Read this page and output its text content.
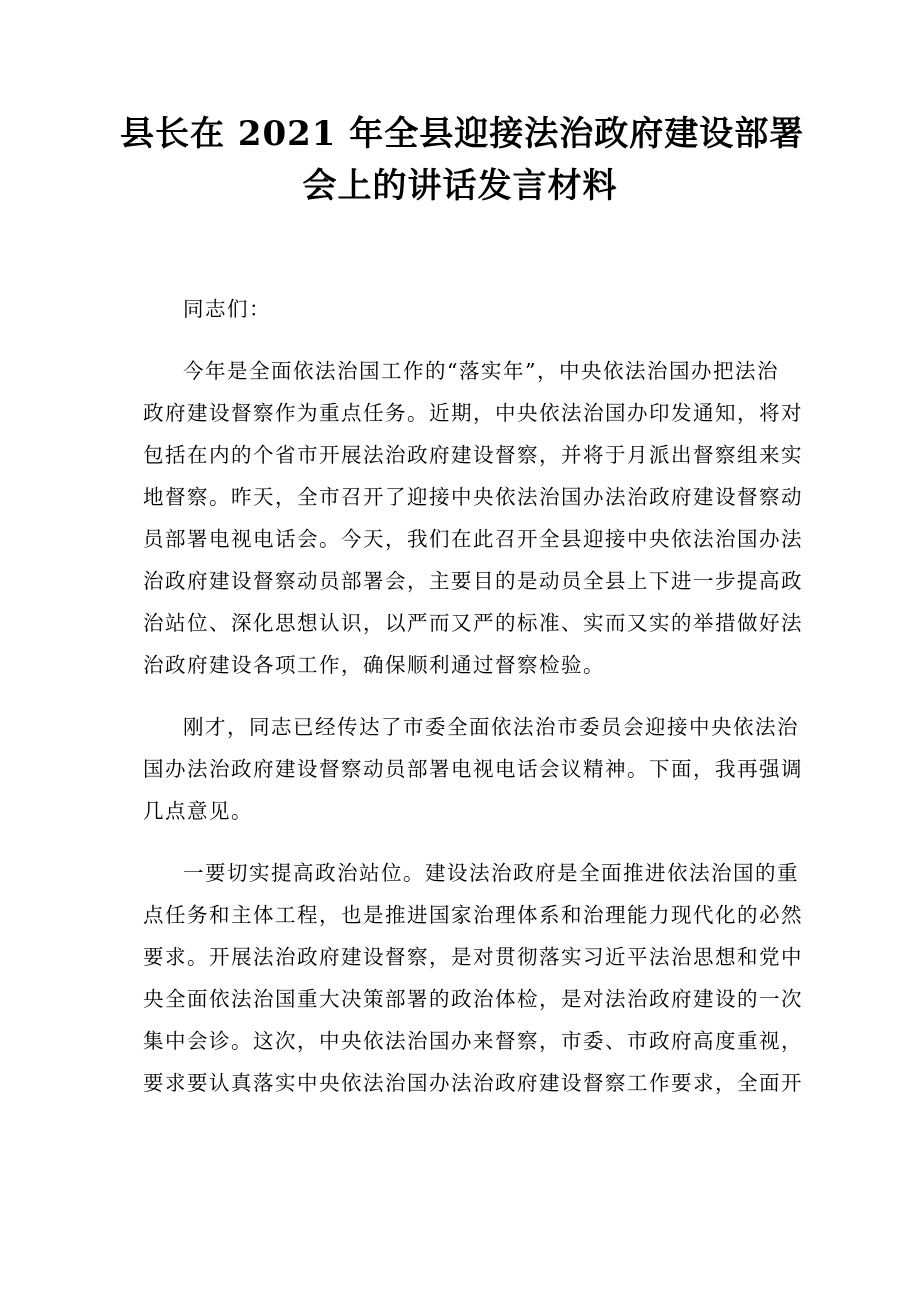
县长在 2021 年全县迎接法治政府建设部署
会上的讲话发言材料
同志们：
今年是全面依法治国工作的“落实年”，中央依法治国办把法治
政府建设督察作为重点任务。近期，中央依法治国办印发通知，将对
包括在内的个省市开展法治政府建设督察，并将于月派出督察组来实
地督察。昨天，全市召开了迎接中央依法治国办法治政府建设督察动
员部署电视电话会。今天，我们在此召开全县迎接中央依法治国办法
治政府建设督察动员部署会，主要目的是动员全县上下进一步提高政
治站位、深化思想认识，以严而又严的标准、实而又实的举措做好法
治政府建设各项工作，确保顺利通过督察检验。
刚才，同志已经传达了市委全面依法治市委员会迎接中央依法治
国办法治政府建设督察动员部署电视电话会议精神。下面，我再强调
几点意见。
一要切实提高政治站位。建设法治政府是全面推进依法治国的重
点任务和主体工程，也是推进国家治理体系和治理能力现代化的必然
要求。开展法治政府建设督察，是对贯彻落实习近平法治思想和党中
央全面依法治国重大决策部署的政治体检，是对法治政府建设的一次
集中会诊。这次，中央依法治国办来督察，市委、市政府高度重视，
要求要认真落实中央依法治国办法治政府建设督察工作要求，全面开
